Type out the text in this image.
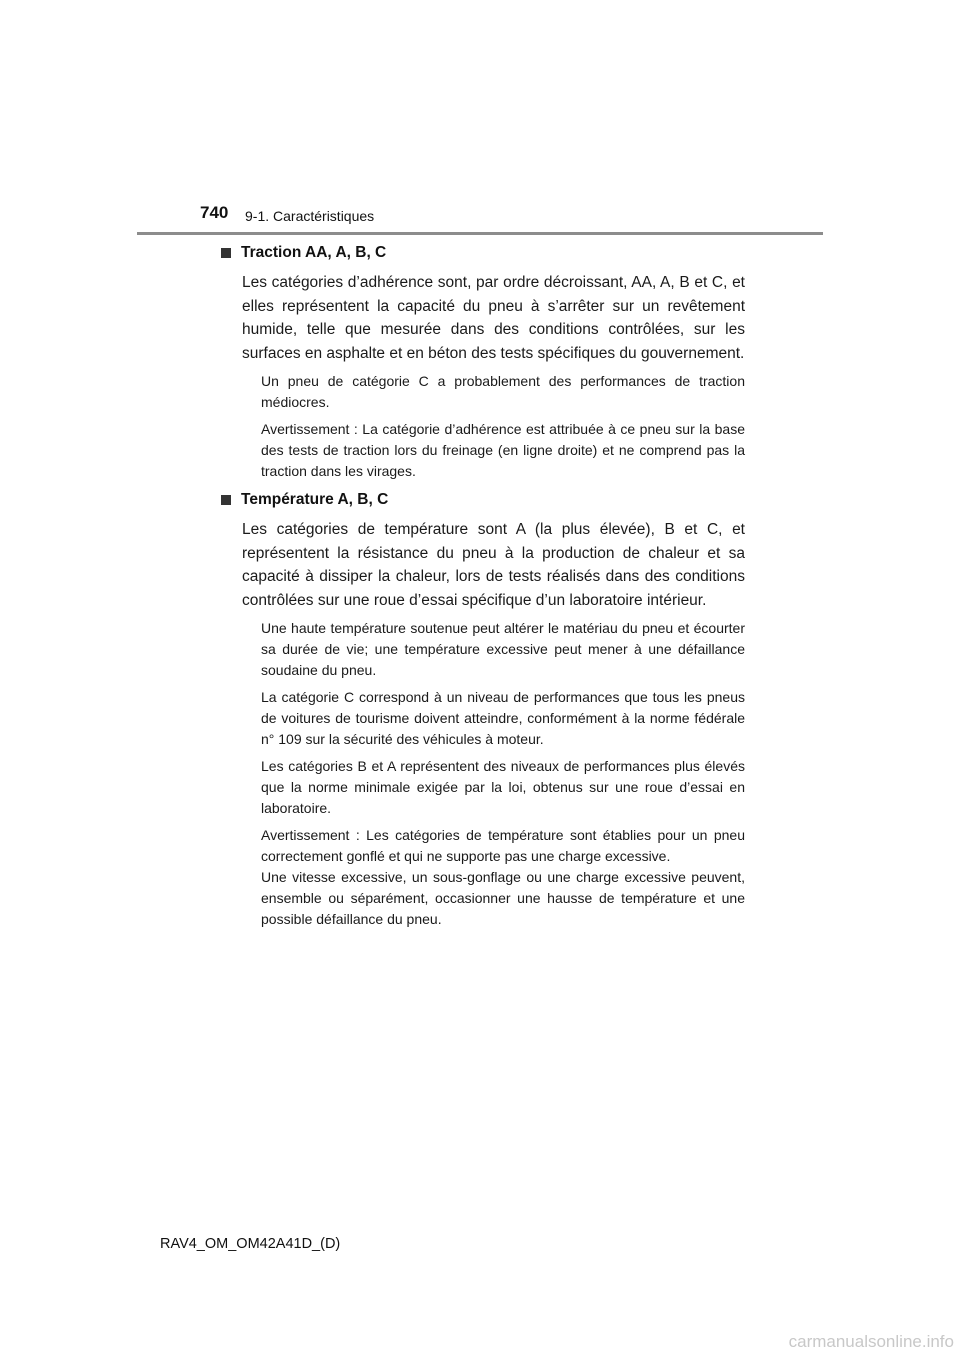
740 9-1. Caractéristiques
Traction AA, A, B, C

Les catégories d’adhérence sont, par ordre décroissant, AA, A, B et C, et elles représentent la capacité du pneu à s’arrêter sur un revêtement humide, telle que mesurée dans des conditions contrôlées, sur les surfaces en asphalte et en béton des tests spécifiques du gouvernement.

Un pneu de catégorie C a probablement des performances de traction médiocres.

Avertissement : La catégorie d’adhérence est attribuée à ce pneu sur la base des tests de traction lors du freinage (en ligne droite) et ne comprend pas la traction dans les virages.

Température A, B, C

Les catégories de température sont A (la plus élevée), B et C, et représentent la résistance du pneu à la production de chaleur et sa capacité à dissiper la chaleur, lors de tests réalisés dans des conditions contrôlées sur une roue d’essai spécifique d’un laboratoire intérieur.

Une haute température soutenue peut altérer le matériau du pneu et écourter sa durée de vie; une température excessive peut mener à une défaillance soudaine du pneu.

La catégorie C correspond à un niveau de performances que tous les pneus de voitures de tourisme doivent atteindre, conformément à la norme fédérale n° 109 sur la sécurité des véhicules à moteur.

Les catégories B et A représentent des niveaux de performances plus élevés que la norme minimale exigée par la loi, obtenus sur une roue d’essai en laboratoire.

Avertissement : Les catégories de température sont établies pour un pneu correctement gonflé et qui ne supporte pas une charge excessive.
Une vitesse excessive, un sous-gonflage ou une charge excessive peuvent, ensemble ou séparément, occasionner une hausse de température et une possible défaillance du pneu.

RAV4_OM_OM42A41D_(D)
carmanualsonline.info
